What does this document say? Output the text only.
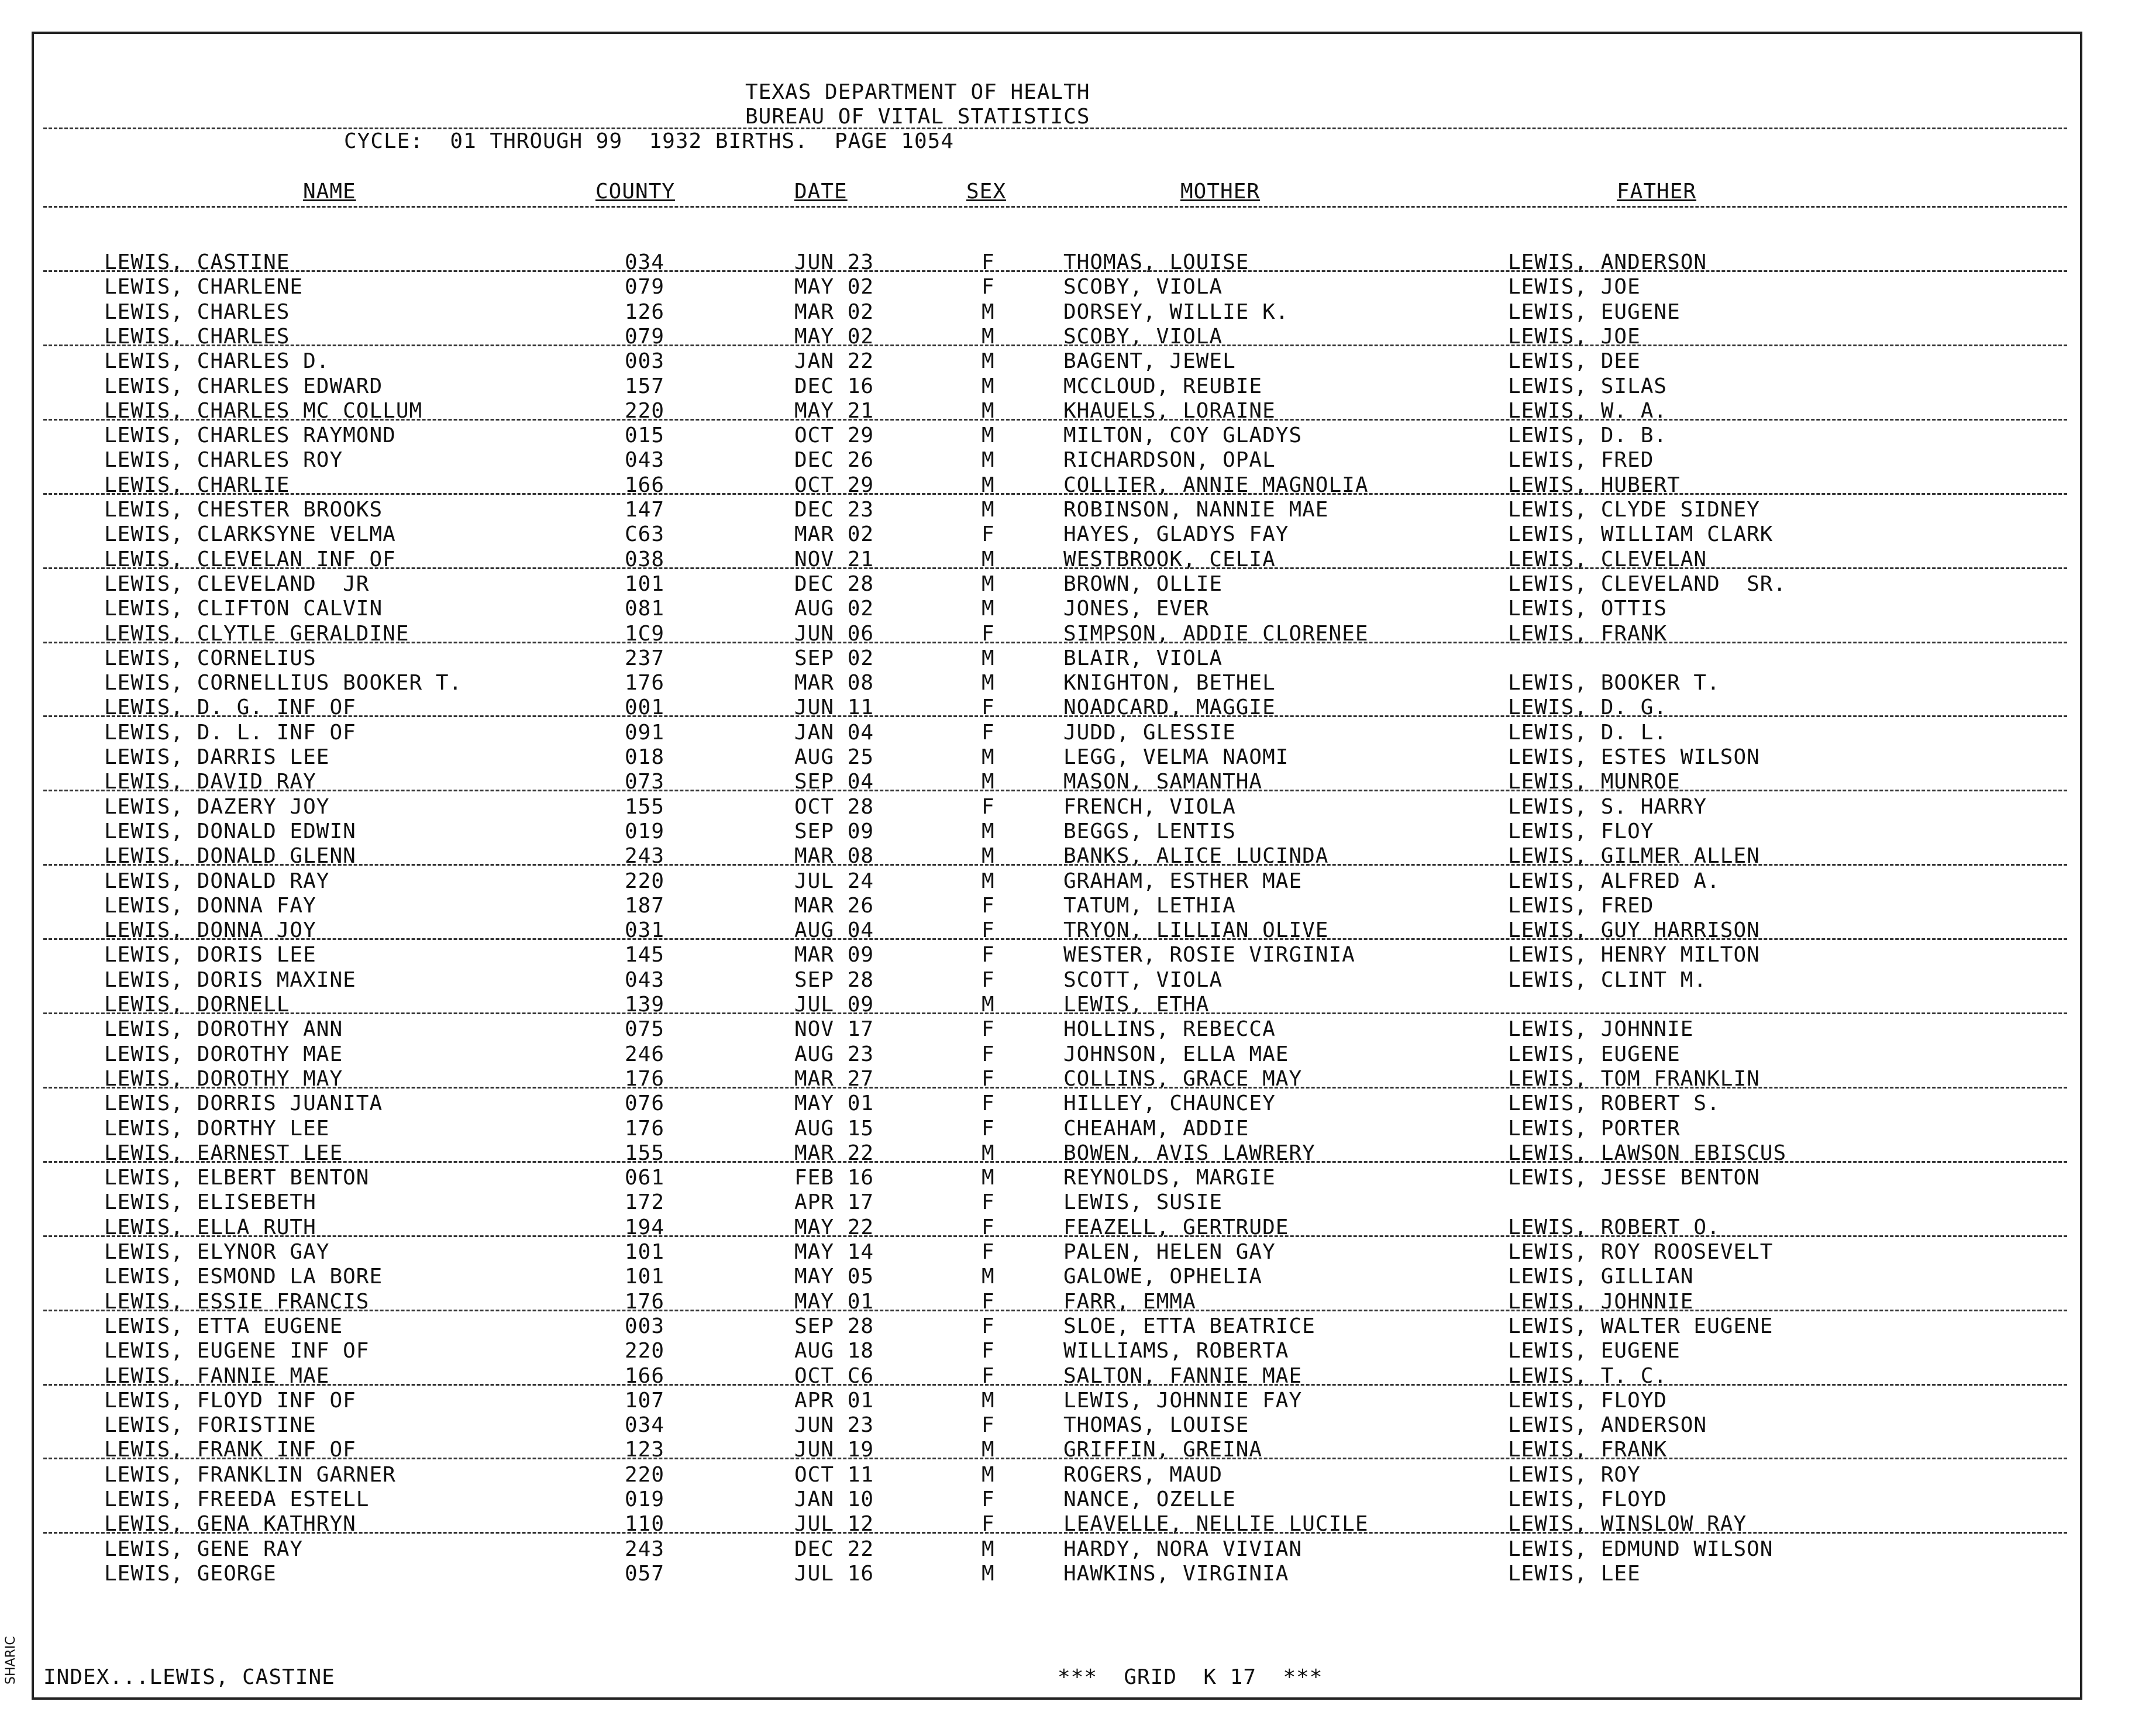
TEXAS DEPARTMENT OF HEALTH
BUREAU OF VITAL STATISTICS
CYCLE:  01 THROUGH 99  1932 BIRTHS.  PAGE 1054
NAME	COUNTY	DATE	SEX	MOTHER	FATHER
LEWIS, CASTINE	034	JUN 23	F	THOMAS, LOUISE	LEWIS, ANDERSON
LEWIS, CHARLENE	079	MAY 02	F	SCOBY, VIOLA	LEWIS, JOE
LEWIS, CHARLES	126	MAR 02	M	DORSEY, WILLIE K.	LEWIS, EUGENE
LEWIS, CHARLES	079	MAY 02	M	SCOBY, VIOLA	LEWIS, JOE
LEWIS, CHARLES D.	003	JAN 22	M	BAGENT, JEWEL	LEWIS, DEE
LEWIS, CHARLES EDWARD	157	DEC 16	M	MCCLOUD, REUBIE	LEWIS, SILAS
LEWIS, CHARLES MC COLLUM	220	MAY 21	M	KHAUELS, LORAINE	LEWIS, W. A.
LEWIS, CHARLES RAYMOND	015	OCT 29	M	MILTON, COY GLADYS	LEWIS, D. B.
LEWIS, CHARLES ROY	043	DEC 26	M	RICHARDSON, OPAL	LEWIS, FRED
LEWIS, CHARLIE	166	OCT 29	M	COLLIER, ANNIE MAGNOLIA	LEWIS, HUBERT
LEWIS, CHESTER BROOKS	147	DEC 23	M	ROBINSON, NANNIE MAE	LEWIS, CLYDE SIDNEY
LEWIS, CLARKSYNE VELMA	C63	MAR 02	F	HAYES, GLADYS FAY	LEWIS, WILLIAM CLARK
LEWIS, CLEVELAN INF OF	038	NOV 21	M	WESTBROOK, CELIA	LEWIS, CLEVELAN
LEWIS, CLEVELAND  JR	101	DEC 28	M	BROWN, OLLIE	LEWIS, CLEVELAND  SR.
LEWIS, CLIFTON CALVIN	081	AUG 02	M	JONES, EVER	LEWIS, OTTIS
LEWIS, CLYTLE GERALDINE	1C9	JUN 06	F	SIMPSON, ADDIE CLORENEE	LEWIS, FRANK
LEWIS, CORNELIUS	237	SEP 02	M	BLAIR, VIOLA
LEWIS, CORNELLIUS BOOKER T.	176	MAR 08	M	KNIGHTON, BETHEL	LEWIS, BOOKER T.
LEWIS, D. G. INF OF	001	JUN 11	F	NOADCARD, MAGGIE	LEWIS, D. G.
LEWIS, D. L. INF OF	091	JAN 04	F	JUDD, GLESSIE	LEWIS, D. L.
LEWIS, DARRIS LEE	018	AUG 25	M	LEGG, VELMA NAOMI	LEWIS, ESTES WILSON
LEWIS, DAVID RAY	073	SEP 04	M	MASON, SAMANTHA	LEWIS, MUNROE
LEWIS, DAZERY JOY	155	OCT 28	F	FRENCH, VIOLA	LEWIS, S. HARRY
LEWIS, DONALD EDWIN	019	SEP 09	M	BEGGS, LENTIS	LEWIS, FLOY
LEWIS, DONALD GLENN	243	MAR 08	M	BANKS, ALICE LUCINDA	LEWIS, GILMER ALLEN
LEWIS, DONALD RAY	220	JUL 24	M	GRAHAM, ESTHER MAE	LEWIS, ALFRED A.
LEWIS, DONNA FAY	187	MAR 26	F	TATUM, LETHIA	LEWIS, FRED
LEWIS, DONNA JOY	031	AUG 04	F	TRYON, LILLIAN OLIVE	LEWIS, GUY HARRISON
LEWIS, DORIS LEE	145	MAR 09	F	WESTER, ROSIE VIRGINIA	LEWIS, HENRY MILTON
LEWIS, DORIS MAXINE	043	SEP 28	F	SCOTT, VIOLA	LEWIS, CLINT M.
LEWIS, DORNELL	139	JUL 09	M	LEWIS, ETHA
LEWIS, DOROTHY ANN	075	NOV 17	F	HOLLINS, REBECCA	LEWIS, JOHNNIE
LEWIS, DOROTHY MAE	246	AUG 23	F	JOHNSON, ELLA MAE	LEWIS, EUGENE
LEWIS, DOROTHY MAY	176	MAR 27	F	COLLINS, GRACE MAY	LEWIS, TOM FRANKLIN
LEWIS, DORRIS JUANITA	076	MAY 01	F	HILLEY, CHAUNCEY	LEWIS, ROBERT S.
LEWIS, DORTHY LEE	176	AUG 15	F	CHEAHAM, ADDIE	LEWIS, PORTER
LEWIS, EARNEST LEE	155	MAR 22	M	BOWEN, AVIS LAWRERY	LEWIS, LAWSON EBISCUS
LEWIS, ELBERT BENTON	061	FEB 16	M	REYNOLDS, MARGIE	LEWIS, JESSE BENTON
LEWIS, ELISEBETH	172	APR 17	F	LEWIS, SUSIE
LEWIS, ELLA RUTH	194	MAY 22	F	FEAZELL, GERTRUDE	LEWIS, ROBERT O.
LEWIS, ELYNOR GAY	101	MAY 14	F	PALEN, HELEN GAY	LEWIS, ROY ROOSEVELT
LEWIS, ESMOND LA BORE	101	MAY 05	M	GALOWE, OPHELIA	LEWIS, GILLIAN
LEWIS, ESSIE FRANCIS	176	MAY 01	F	FARR, EMMA	LEWIS, JOHNNIE
LEWIS, ETTA EUGENE	003	SEP 28	F	SLOE, ETTA BEATRICE	LEWIS, WALTER EUGENE
LEWIS, EUGENE INF OF	220	AUG 18	F	WILLIAMS, ROBERTA	LEWIS, EUGENE
LEWIS, FANNIE MAE	166	OCT C6	F	SALTON, FANNIE MAE	LEWIS, T. C.
LEWIS, FLOYD INF OF	107	APR 01	M	LEWIS, JOHNNIE FAY	LEWIS, FLOYD
LEWIS, FORISTINE	034	JUN 23	F	THOMAS, LOUISE	LEWIS, ANDERSON
LEWIS, FRANK INF OF	123	JUN 19	M	GRIFFIN, GREINA	LEWIS, FRANK
LEWIS, FRANKLIN GARNER	220	OCT 11	M	ROGERS, MAUD	LEWIS, ROY
LEWIS, FREEDA ESTELL	019	JAN 10	F	NANCE, OZELLE	LEWIS, FLOYD
LEWIS, GENA KATHRYN	110	JUL 12	F	LEAVELLE, NELLIE LUCILE	LEWIS, WINSLOW RAY
LEWIS, GENE RAY	243	DEC 22	M	HARDY, NORA VIVIAN	LEWIS, EDMUND WILSON
LEWIS, GEORGE	057	JUL 16	M	HAWKINS, VIRGINIA	LEWIS, LEE
INDEX...LEWIS, CASTINE	***  GRID  K 17  ***
SHARIC
